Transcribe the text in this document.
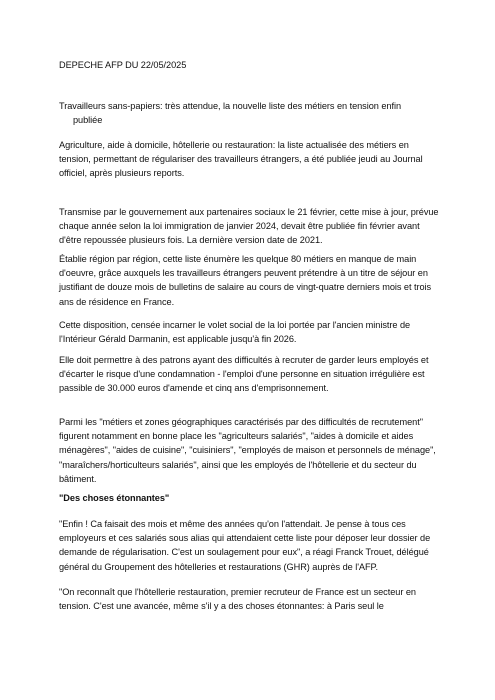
DEPECHE AFP DU 22/05/2025

Travailleurs sans-papiers: très attendue, la nouvelle liste des métiers en tension enfin

publiée

Agriculture, aide à domicile, hôtellerie ou restauration: la liste actualisée des métiers en tension, permettant de régulariser des travailleurs étrangers, a été publiée jeudi au Journal officiel, après plusieurs reports.

Transmise par le gouvernement aux partenaires sociaux le 21 février, cette mise à jour, prévue chaque année selon la loi immigration de janvier 2024, devait être publiée fin février avant d'être repoussée plusieurs fois. La dernière version date de 2021.

Établie région par région, cette liste énumère les quelque 80 métiers en manque de main d'oeuvre, grâce auxquels les travailleurs étrangers peuvent prétendre à un titre de séjour en justifiant de douze mois de bulletins de salaire au cours de vingt-quatre derniers mois et trois ans de résidence en France.

Cette disposition, censée incarner le volet social de la loi portée par l'ancien ministre de l'Intérieur Gérald Darmanin, est applicable jusqu'à fin 2026.

Elle doit permettre à des patrons ayant des difficultés à recruter de garder leurs employés et d'écarter le risque d'une condamnation - l'emploi d'une personne en situation irrégulière est passible de 30.000 euros d'amende et cinq ans d'emprisonnement.

Parmi les "métiers et zones géographiques caractérisés par des difficultés de recrutement" figurent notamment en bonne place les "agriculteurs salariés", "aides à domicile et aides ménagères", "aides de cuisine", "cuisiniers", "employés de maison et personnels de ménage", "maraîchers/horticulteurs salariés", ainsi que les employés de l'hôtellerie et du secteur du bâtiment.

"Des choses étonnantes"

"Enfin ! Ca faisait des mois et même des années qu'on l'attendait. Je pense à tous ces employeurs et ces salariés sous alias qui attendaient cette liste pour déposer leur dossier de demande de régularisation. C'est un soulagement pour eux", a réagi Franck Trouet, délégué général du Groupement des hôtelleries et restaurations (GHR) auprès de l'AFP.

"On reconnaît que l'hôtellerie restauration, premier recruteur de France est un secteur en tension. C'est une avancée, même s'il y a des choses étonnantes: à Paris seul le
